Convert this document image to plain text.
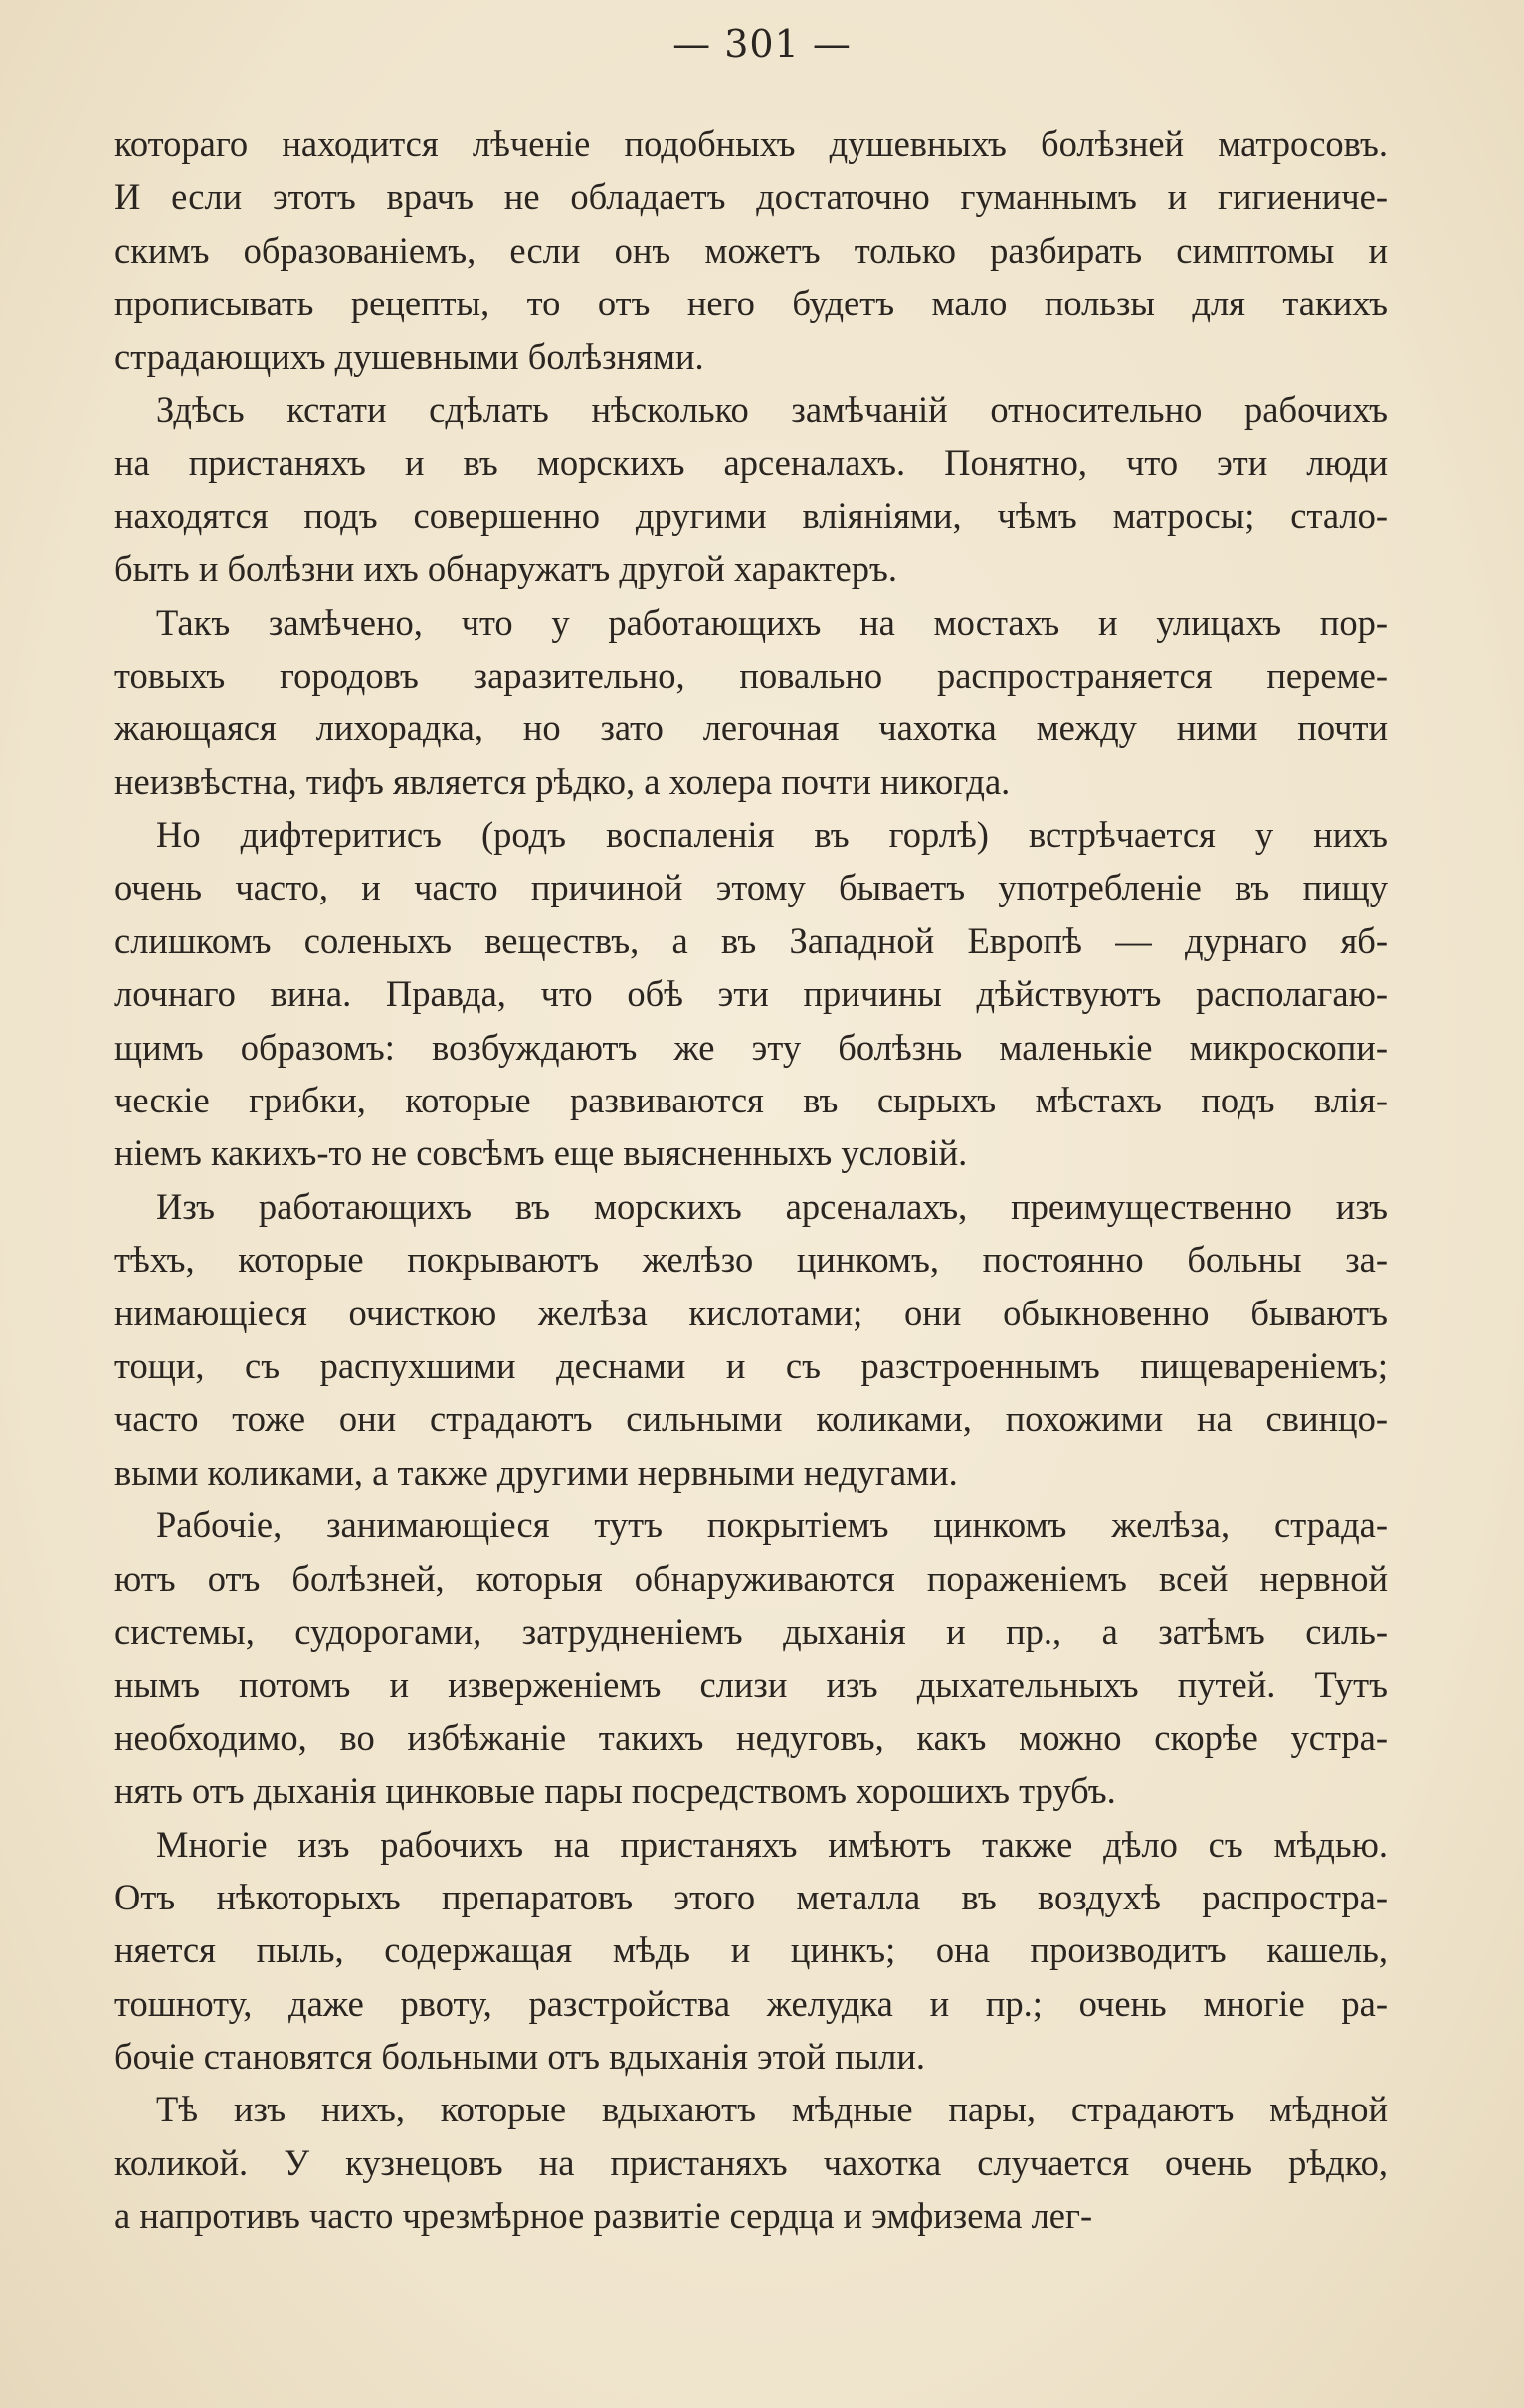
— 301 —
котораго находится лѣченіе подобныхъ душевныхъ болѣзней матросовъ.
И если этотъ врачъ не обладаетъ достаточно гуманнымъ и гигиениче-
скимъ образованіемъ, если онъ можетъ только разбирать симптомы и
прописывать рецепты, то отъ него будетъ мало пользы для такихъ
страдающихъ душевными болѣзнями.
Здѣсь кстати сдѣлать нѣсколько замѣчаній относительно рабочихъ
на пристаняхъ и въ морскихъ арсеналахъ. Понятно, что эти люди
находятся подъ совершенно другими вліяніями, чѣмъ матросы; стало-
быть и болѣзни ихъ обнаружатъ другой характеръ.
Такъ замѣчено, что у работающихъ на мостахъ и улицахъ пор-
товыхъ городовъ заразительно, повально распространяется переме-
жающаяся лихорадка, но зато легочная чахотка между ними почти
неизвѣстна, тифъ является рѣдко, а холера почти никогда.
Но дифтеритисъ (родъ воспаленія въ горлѣ) встрѣчается у нихъ
очень часто, и часто причиной этому бываетъ употребленіе въ пищу
слишкомъ соленыхъ веществъ, а въ Западной Европѣ — дурнаго яб-
лочнаго вина. Правда, что обѣ эти причины дѣйствуютъ располагаю-
щимъ образомъ: возбуждаютъ же эту болѣзнь маленькіе микроскопи-
ческіе грибки, которые развиваются въ сырыхъ мѣстахъ подъ влія-
ніемъ какихъ-то не совсѣмъ еще выясненныхъ условій.
Изъ работающихъ въ морскихъ арсеналахъ, преимущественно изъ
тѣхъ, которые покрываютъ желѣзо цинкомъ, постоянно больны за-
нимающіеся очисткою желѣза кислотами; они обыкновенно бываютъ
тощи, съ распухшими деснами и съ разстроеннымъ пищевареніемъ;
часто тоже они страдаютъ сильными коликами, похожими на свинцо-
выми коликами, а также другими нервными недугами.
Рабочіе, занимающіеся тутъ покрытіемъ цинкомъ желѣза, страда-
ютъ отъ болѣзней, которыя обнаруживаются пораженіемъ всей нервной
системы, судорогами, затрудненіемъ дыханія и пр., а затѣмъ силь-
нымъ потомъ и изверженіемъ слизи изъ дыхательныхъ путей. Тутъ
необходимо, во избѣжаніе такихъ недуговъ, какъ можно скорѣе устра-
нять отъ дыханія цинковые пары посредствомъ хорошихъ трубъ.
Многіе изъ рабочихъ на пристаняхъ имѣютъ также дѣло съ мѣдью.
Отъ нѣкоторыхъ препаратовъ этого металла въ воздухѣ распростра-
няется пыль, содержащая мѣдь и цинкъ; она производитъ кашель,
тошноту, даже рвоту, разстройства желудка и пр.; очень многіе ра-
бочіе становятся больными отъ вдыханія этой пыли.
Тѣ изъ нихъ, которые вдыхаютъ мѣдные пары, страдаютъ мѣдной
коликой. У кузнецовъ на пристаняхъ чахотка случается очень рѣдко,
а напротивъ часто чрезмѣрное развитіе сердца и эмфизема лег-
